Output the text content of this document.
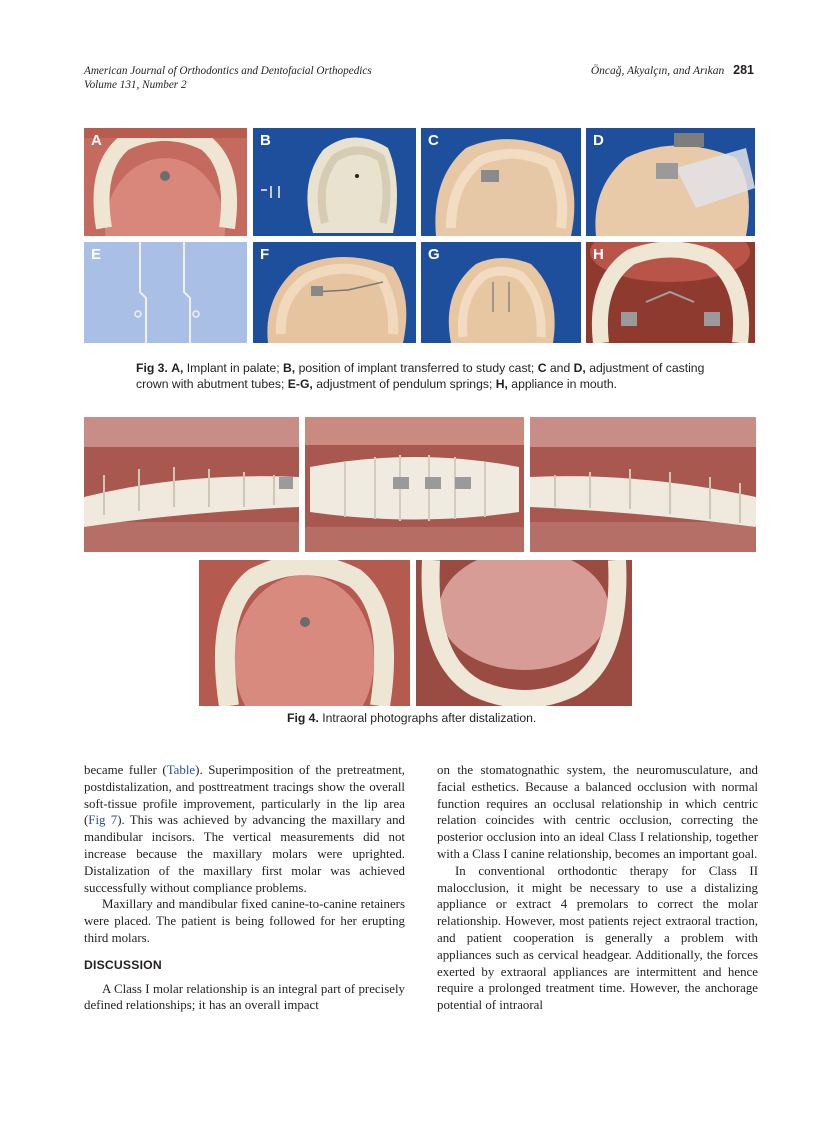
American Journal of Orthodontics and Dentofacial Orthopedics
Volume 131, Number 2
Öncağ, Akyalçın, and Arıkan 281
A	B	C	D
E	F	G	H
Fig 3. A, Implant in palate; B, position of implant transferred to study cast; C and D, adjustment of casting crown with abutment tubes; E-G, adjustment of pendulum springs; H, appliance in mouth.
Fig 4. Intraoral photographs after distalization.

became fuller (Table). Superimposition of the pretreatment, postdistalization, and posttreatment tracings show the overall soft-tissue profile improvement, particularly in the lip area (Fig 7). This was achieved by advancing the maxillary and mandibular incisors. The vertical measurements did not increase because the maxillary molars were uprighted. Distalization of the maxillary first molar was achieved successfully without compliance problems.

Maxillary and mandibular fixed canine-to-canine retainers were placed. The patient is being followed for her erupting third molars.

DISCUSSION

A Class I molar relationship is an integral part of precisely defined relationships; it has an overall impact

on the stomatognathic system, the neuromusculature, and facial esthetics. Because a balanced occlusion with normal function requires an occlusal relationship in which centric relation coincides with centric occlusion, correcting the posterior occlusion into an ideal Class I relationship, together with a Class I canine relationship, becomes an important goal.

In conventional orthodontic therapy for Class II malocclusion, it might be necessary to use a distalizing appliance or extract 4 premolars to correct the molar relationship. However, most patients reject extraoral traction, and patient cooperation is generally a problem with appliances such as cervical headgear. Additionally, the forces exerted by extraoral appliances are intermittent and hence require a prolonged treatment time. However, the anchorage potential of intraoral
